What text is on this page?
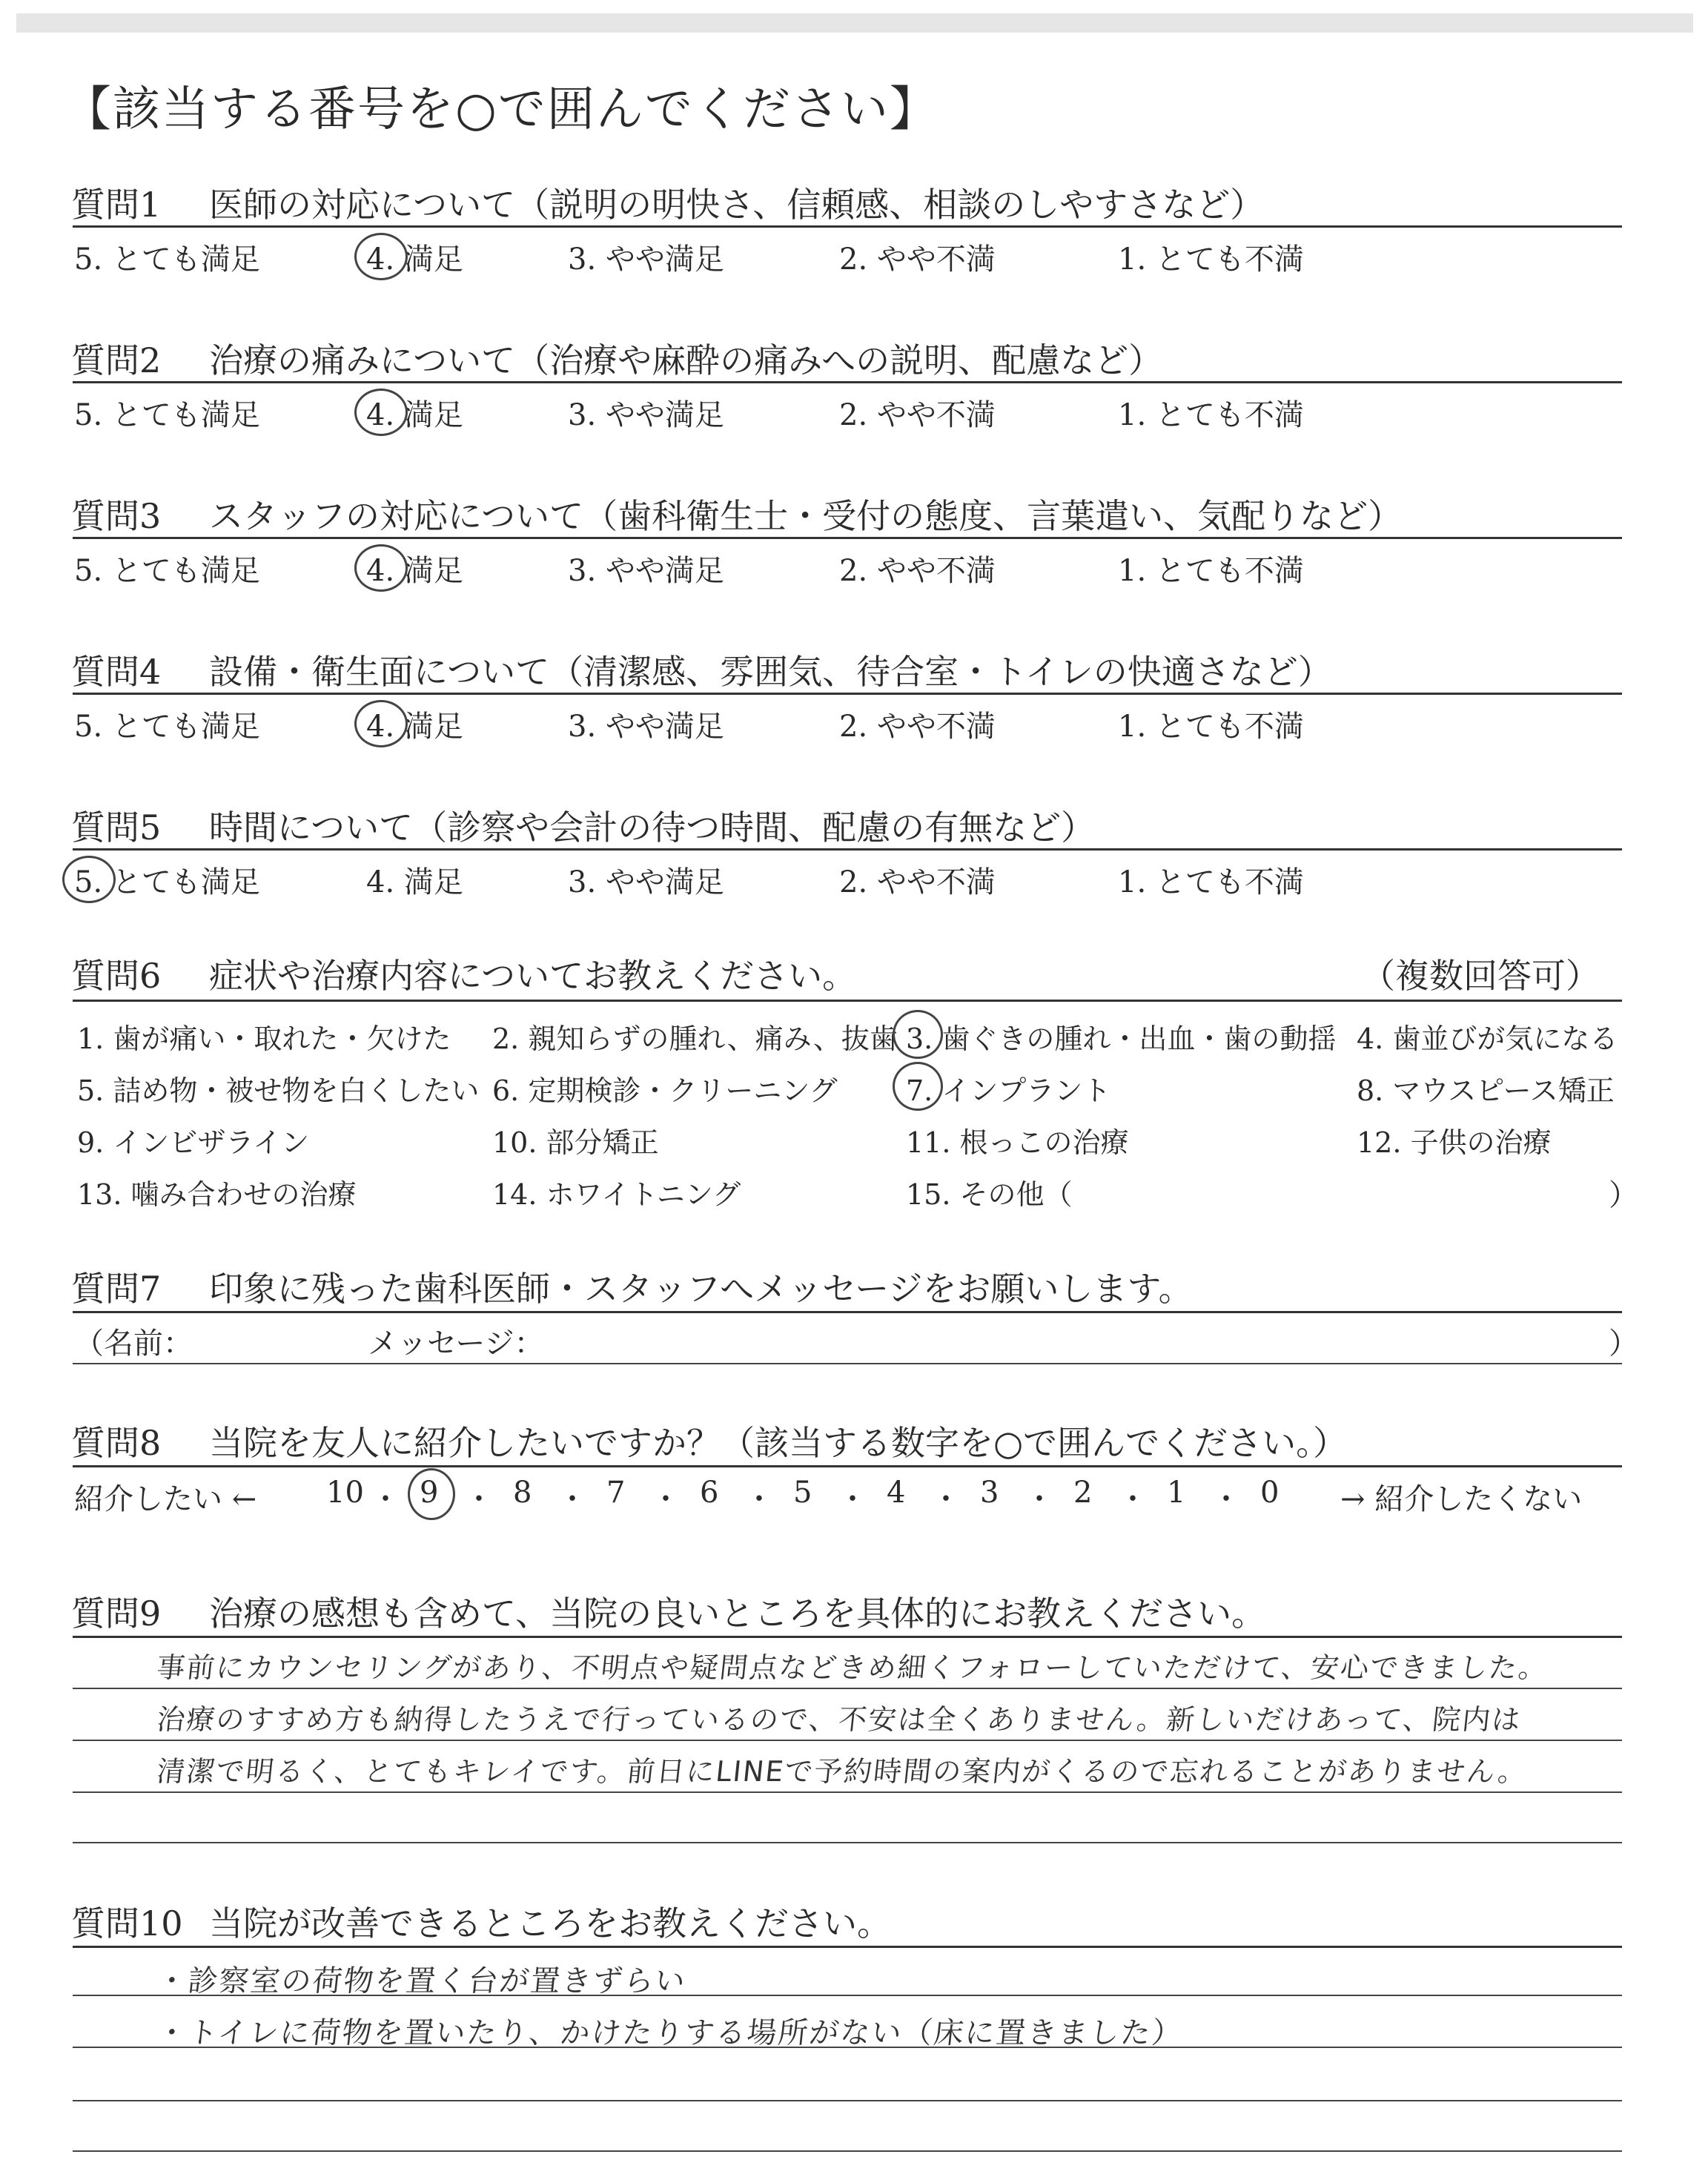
【該当する番号を○で囲んでください】
質問1 医師の対応について（説明の明快さ、信頼感、相談のしやすさなど）
5. とても満足	4. 満足	3. やや満足	2. やや不満	1. とても不満
質問2 治療の痛みについて（治療や麻酔の痛みへの説明、配慮など）
5. とても満足	4. 満足	3. やや満足	2. やや不満	1. とても不満
質問3 スタッフの対応について（歯科衛生士・受付の態度、言葉遣い、気配りなど）
5. とても満足	4. 満足	3. やや満足	2. やや不満	1. とても不満
質問4 設備・衛生面について（清潔感、雰囲気、待合室・トイレの快適さなど）
5. とても満足	4. 満足	3. やや満足	2. やや不満	1. とても不満
質問5 時間について（診察や会計の待つ時間、配慮の有無など）
5. とても満足	4. 満足	3. やや満足	2. やや不満	1. とても不満
質問6 症状や治療内容についてお教えください。	（複数回答可）
1. 歯が痛い・取れた・欠けた 2. 親知らずの腫れ、痛み、抜歯 3. 歯ぐきの腫れ・出血・歯の動揺 4. 歯並びが気になる
5. 詰め物・被せ物を白くしたい 6. 定期検診・クリーニング 7. インプラント	8. マウスピース矯正
9. インビザライン	10. 部分矯正	11. 根っこの治療	12. 子供の治療
13. 噛み合わせの治療	14. ホワイトニング	15. その他（	）
質問7 印象に残った歯科医師・スタッフへメッセージをお願いします。
（名前：	メッセージ：	）
質問8 当院を友人に紹介したいですか？（該当する数字を○で囲んでください。）
紹介したい ←	→ 紹介したくない
10 ・ 9 ・ 8 ・ 7 ・ 6 ・ 5 ・ 4 ・ 3 ・ 2 ・ 1 ・ 0
質問9 治療の感想も含めて、当院の良いところを具体的にお教えください。
事前にカウンセリングがあり、不明点や疑問点などきめ細くフォローしていただけて、安心できました。
治療のすすめ方も納得したうえで行っているので、不安は全くありません。新しいだけあって、院内は
清潔で明るく、とてもキレイです。前日にLINEで予約時間の案内がくるので忘れることがありません。
質問10 当院が改善できるところをお教えください。
・診察室の荷物を置く台が置きずらい
・トイレに荷物を置いたり、かけたりする場所がない（床に置きました）
